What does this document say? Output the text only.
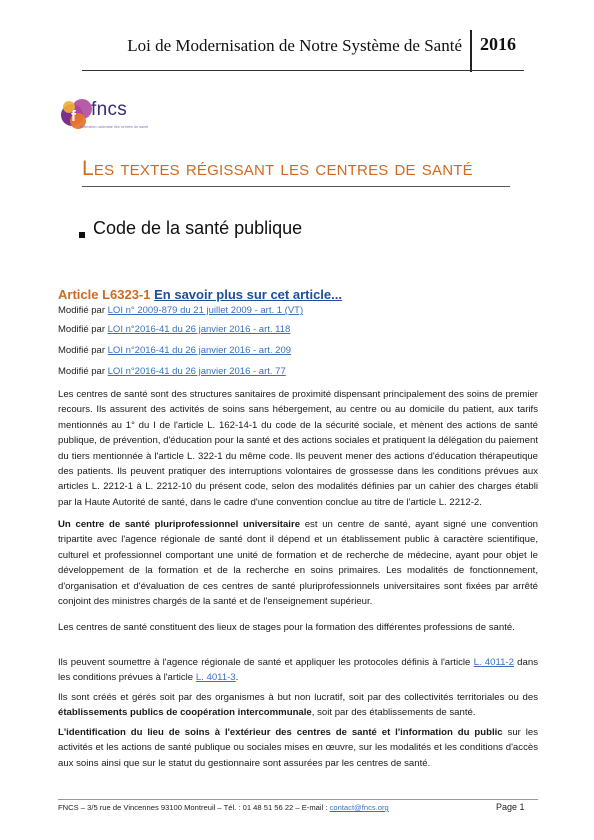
Loi de Modernisation de Notre Système de Santé 2016
f fncs
fédération nationale des centres de santé
Les textes régissant les centres de santé
Code de la santé publique
Article L6323-1 En savoir plus sur cet article...
Modifié par LOI n° 2009-879 du 21 juillet 2009 - art. 1 (VT)
Modifié par LOI n°2016-41 du 26 janvier 2016 - art. 118
Modifié par LOI n°2016-41 du 26 janvier 2016 - art. 209
Modifié par LOI n°2016-41 du 26 janvier 2016 - art. 77

Les centres de santé sont des structures sanitaires de proximité dispensant principalement des soins de premier recours. Ils assurent des activités de soins sans hébergement, au centre ou au domicile du patient, aux tarifs mentionnés au 1° du I de l'article L. 162-14-1 du code de la sécurité sociale, et mènent des actions de santé publique, de prévention, d'éducation pour la santé et des actions sociales et pratiquent la délégation du paiement du tiers mentionnée à l'article L. 322-1 du même code. Ils peuvent mener des actions d'éducation thérapeutique des patients. Ils peuvent pratiquer des interruptions volontaires de grossesse dans les conditions prévues aux articles L. 2212-1 à L. 2212-10 du présent code, selon des modalités définies par un cahier des charges établi par la Haute Autorité de santé, dans le cadre d'une convention conclue au titre de l'article L. 2212-2.

Un centre de santé pluriprofessionnel universitaire est un centre de santé, ayant signé une convention tripartite avec l'agence régionale de santé dont il dépend et un établissement public à caractère scientifique, culturel et professionnel comportant une unité de formation et de recherche de médecine, ayant pour objet le développement de la formation et de la recherche en soins primaires. Les modalités de fonctionnement, d'organisation et d'évaluation de ces centres de santé pluriprofessionnels universitaires sont fixées par arrêté conjoint des ministres chargés de la santé et de l'enseignement supérieur.

Les centres de santé constituent des lieux de stages pour la formation des différentes professions de santé.

Ils peuvent soumettre à l'agence régionale de santé et appliquer les protocoles définis à l'article L. 4011-2 dans les conditions prévues à l'article L. 4011-3.

Ils sont créés et gérés soit par des organismes à but non lucratif, soit par des collectivités territoriales ou des établissements publics de coopération intercommunale, soit par des établissements de santé.

L'identification du lieu de soins à l'extérieur des centres de santé et l'information du public sur les activités et les actions de santé publique ou sociales mises en œuvre, sur les modalités et les conditions d'accès aux soins ainsi que sur le statut du gestionnaire sont assurées par les centres de santé.

FNCS – 3/5 rue de Vincennes 93100 Montreuil – Tél. : 01 48 51 56 22 – E-mail : contact@fncs.org	Page 1
